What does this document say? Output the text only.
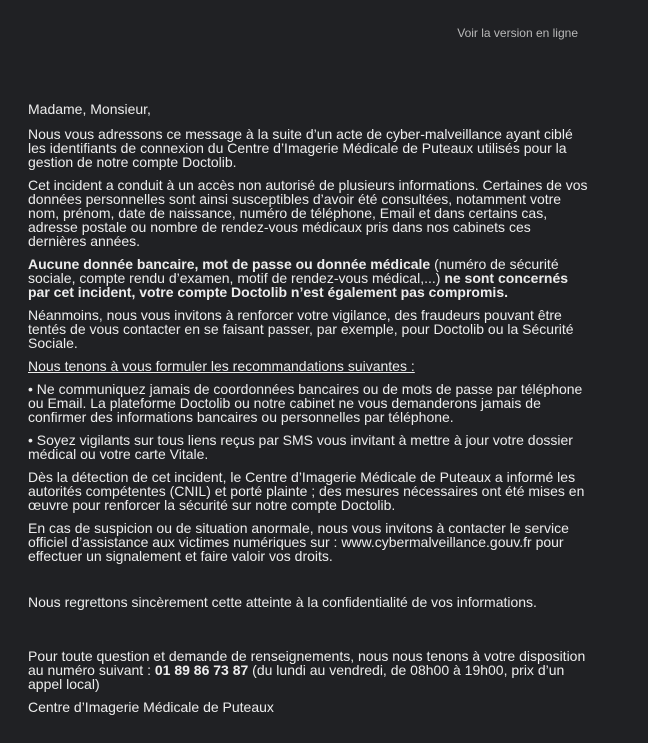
Voir la version en ligne

Madame, Monsieur,

Nous vous adressons ce message à la suite d’un acte de cyber-malveillance ayant ciblé les identifiants de connexion du Centre d’Imagerie Médicale de Puteaux utilisés pour la gestion de notre compte Doctolib.

Cet incident a conduit à un accès non autorisé de plusieurs informations. Certaines de vos données personnelles sont ainsi susceptibles d’avoir été consultées, notamment votre nom, prénom, date de naissance, numéro de téléphone, Email et dans certains cas, adresse postale ou nombre de rendez-vous médicaux pris dans nos cabinets ces dernières années.

Aucune donnée bancaire, mot de passe ou donnée médicale (numéro de sécurité sociale, compte rendu d’examen, motif de rendez-vous médical,...) ne sont concernés par cet incident, votre compte Doctolib n’est également pas compromis.

Néanmoins, nous vous invitons à renforcer votre vigilance, des fraudeurs pouvant être tentés de vous contacter en se faisant passer, par exemple, pour Doctolib ou la Sécurité Sociale.

Nous tenons à vous formuler les recommandations suivantes :

• Ne communiquez jamais de coordonnées bancaires ou de mots de passe par téléphone ou Email. La plateforme Doctolib ou notre cabinet ne vous demanderons jamais de confirmer des informations bancaires ou personnelles par téléphone.

• Soyez vigilants sur tous liens reçus par SMS vous invitant à mettre à jour votre dossier médical ou votre carte Vitale.

Dès la détection de cet incident, le Centre d’Imagerie Médicale de Puteaux a informé les autorités compétentes (CNIL) et porté plainte ; des mesures nécessaires ont été mises en œuvre pour renforcer la sécurité sur notre compte Doctolib.

En cas de suspicion ou de situation anormale, nous vous invitons à contacter le service officiel d’assistance aux victimes numériques sur : www.cybermalveillance.gouv.fr pour effectuer un signalement et faire valoir vos droits.

Nous regrettons sincèrement cette atteinte à la confidentialité de vos informations.

Pour toute question et demande de renseignements, nous nous tenons à votre disposition au numéro suivant : 01 89 86 73 87 (du lundi au vendredi, de 08h00 à 19h00, prix d’un appel local)

Centre d’Imagerie Médicale de Puteaux
